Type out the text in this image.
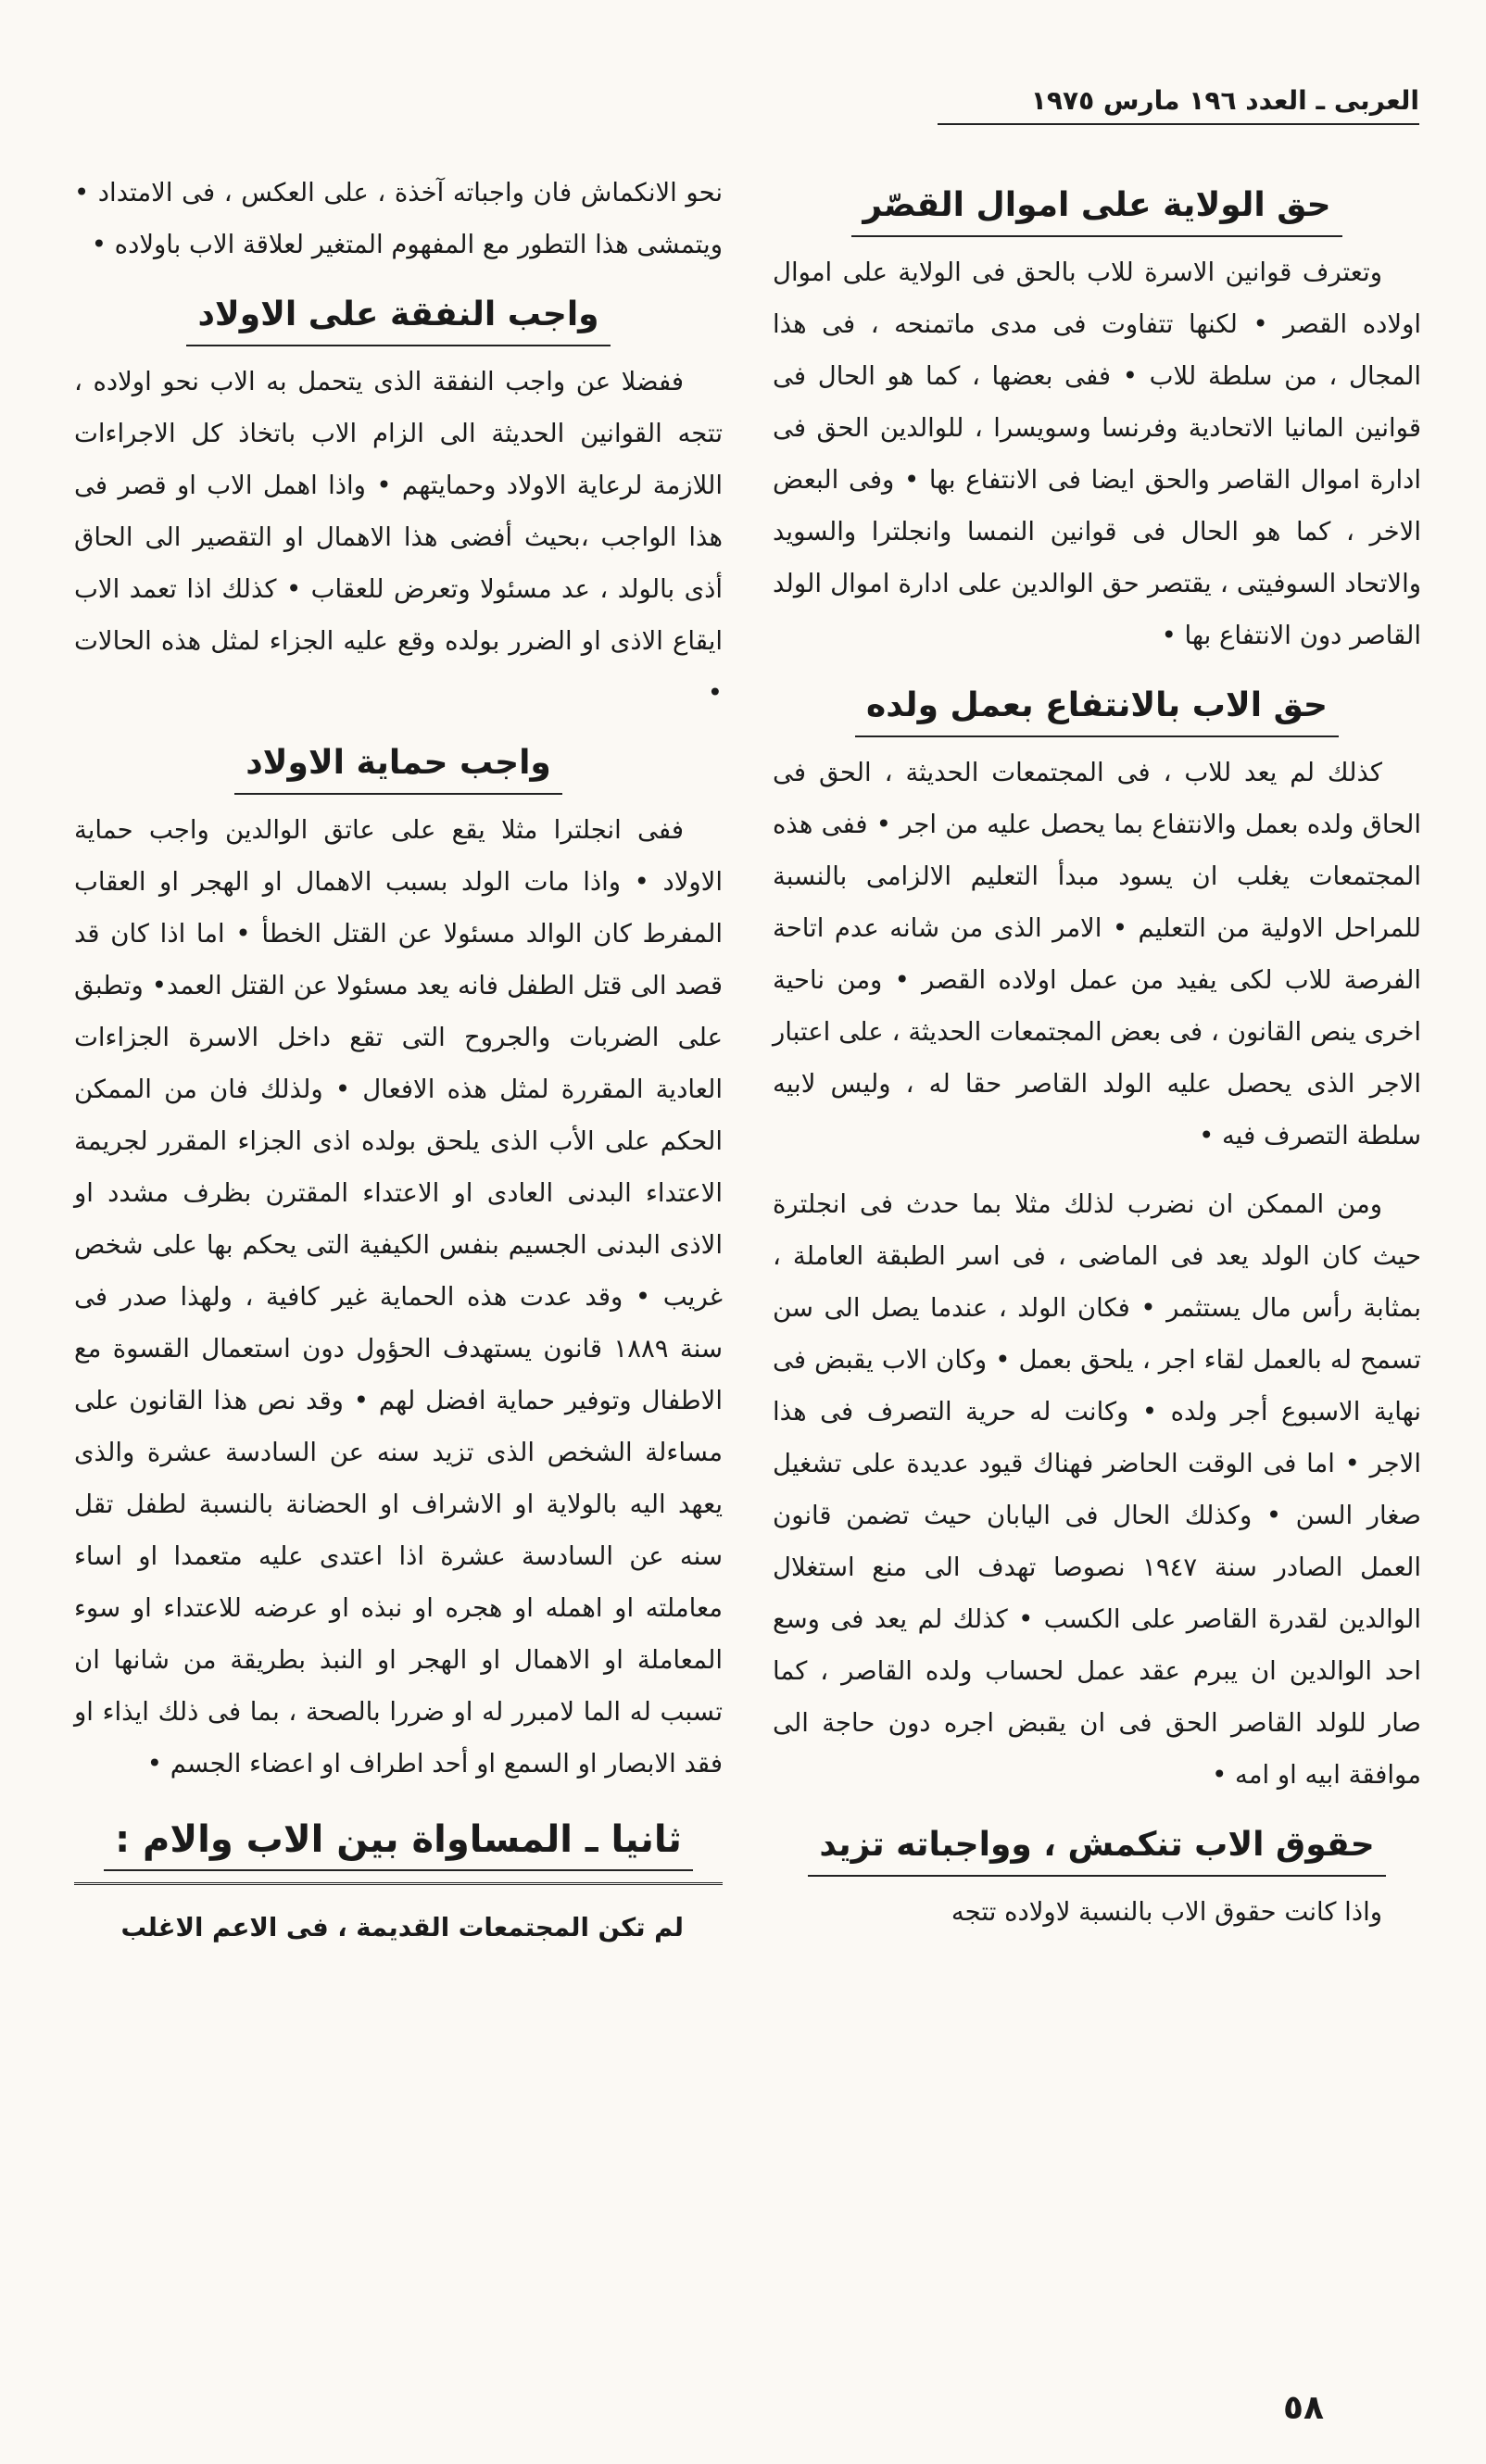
العربى ـ العدد ١٩٦ مارس ١٩٧٥
حق الولاية على اموال القصّر

وتعترف قوانين الاسرة للاب بالحق فى الولاية على اموال اولاده القصر • لكنها تتفاوت فى مدى ماتمنحه ، فى هذا المجال ، من سلطة للاب • ففى بعضها ، كما هو الحال فى قوانين المانيا الاتحادية وفرنسا وسويسرا ، للوالدين الحق فى ادارة اموال القاصر والحق ايضا فى الانتفاع بها • وفى البعض الاخر ، كما هو الحال فى قوانين النمسا وانجلترا والسويد والاتحاد السوفيتى ، يقتصر حق الوالدين على ادارة اموال الولد القاصر دون الانتفاع بها •

حق الاب بالانتفاع بعمل ولده

كذلك لم يعد للاب ، فى المجتمعات الحديثة ، الحق فى الحاق ولده بعمل والانتفاع بما يحصل عليه من اجر • ففى هذه المجتمعات يغلب ان يسود مبدأ التعليم الالزامى بالنسبة للمراحل الاولية من التعليم • الامر الذى من شانه عدم اتاحة الفرصة للاب لكى يفيد من عمل اولاده القصر • ومن ناحية اخرى ينص القانون ، فى بعض المجتمعات الحديثة ، على اعتبار الاجر الذى يحصل عليه الولد القاصر حقا له ، وليس لابيه سلطة التصرف فيه •

ومن الممكن ان نضرب لذلك مثلا بما حدث فى انجلترة حيث كان الولد يعد فى الماضى ، فى اسر الطبقة العاملة ، بمثابة رأس مال يستثمر • فكان الولد ، عندما يصل الى سن تسمح له بالعمل لقاء اجر ، يلحق بعمل • وكان الاب يقبض فى نهاية الاسبوع أجر ولده • وكانت له حرية التصرف فى هذا الاجر • اما فى الوقت الحاضر فهناك قيود عديدة على تشغيل صغار السن • وكذلك الحال فى اليابان حيث تضمن قانون العمل الصادر سنة ١٩٤٧ نصوصا تهدف الى منع استغلال الوالدين لقدرة القاصر على الكسب • كذلك لم يعد فى وسع احد الوالدين ان يبرم عقد عمل لحساب ولده القاصر ، كما صار للولد القاصر الحق فى ان يقبض اجره دون حاجة الى موافقة ابيه او امه •

حقوق الاب تنكمش ، وواجباته تزيد

واذا كانت حقوق الاب بالنسبة لاولاده تتجه

نحو الانكماش فان واجباته آخذة ، على العكس ، فى الامتداد • ويتمشى هذا التطور مع المفهوم المتغير لعلاقة الاب باولاده •

واجب النفقة على الاولاد

ففضلا عن واجب النفقة الذى يتحمل به الاب نحو اولاده ، تتجه القوانين الحديثة الى الزام الاب باتخاذ كل الاجراءات اللازمة لرعاية الاولاد وحمايتهم • واذا اهمل الاب او قصر فى هذا الواجب ،بحيث أفضى هذا الاهمال او التقصير الى الحاق أذى بالولد ، عد مسئولا وتعرض للعقاب • كذلك اذا تعمد الاب ايقاع الاذى او الضرر بولده وقع عليه الجزاء لمثل هذه الحالات •

واجب حماية الاولاد

ففى انجلترا مثلا يقع على عاتق الوالدين واجب حماية الاولاد • واذا مات الولد بسبب الاهمال او الهجر او العقاب المفرط كان الوالد مسئولا عن القتل الخطأ • اما اذا كان قد قصد الى قتل الطفل فانه يعد مسئولا عن القتل العمد• وتطبق على الضربات والجروح التى تقع داخل الاسرة الجزاءات العادية المقررة لمثل هذه الافعال • ولذلك فان من الممكن الحكم على الأب الذى يلحق بولده اذى الجزاء المقرر لجريمة الاعتداء البدنى العادى او الاعتداء المقترن بظرف مشدد او الاذى البدنى الجسيم بنفس الكيفية التى يحكم بها على شخص غريب • وقد عدت هذه الحماية غير كافية ، ولهذا صدر فى سنة ١٨٨٩ قانون يستهدف الحؤول دون استعمال القسوة مع الاطفال وتوفير حماية افضل لهم • وقد نص هذا القانون على مساءلة الشخص الذى تزيد سنه عن السادسة عشرة والذى يعهد اليه بالولاية او الاشراف او الحضانة بالنسبة لطفل تقل سنه عن السادسة عشرة اذا اعتدى عليه متعمدا او اساء معاملته او اهمله او هجره او نبذه او عرضه للاعتداء او سوء المعاملة او الاهمال او الهجر او النبذ بطريقة من شانها ان تسبب له الما لامبرر له او ضررا بالصحة ، بما فى ذلك ايذاء او فقد الابصار او السمع او أحد اطراف او اعضاء الجسم •

ثانيا ـ المساواة بين الاب والام :

لم تكن المجتمعات القديمة ، فى الاعم الاغلب

٥٨
